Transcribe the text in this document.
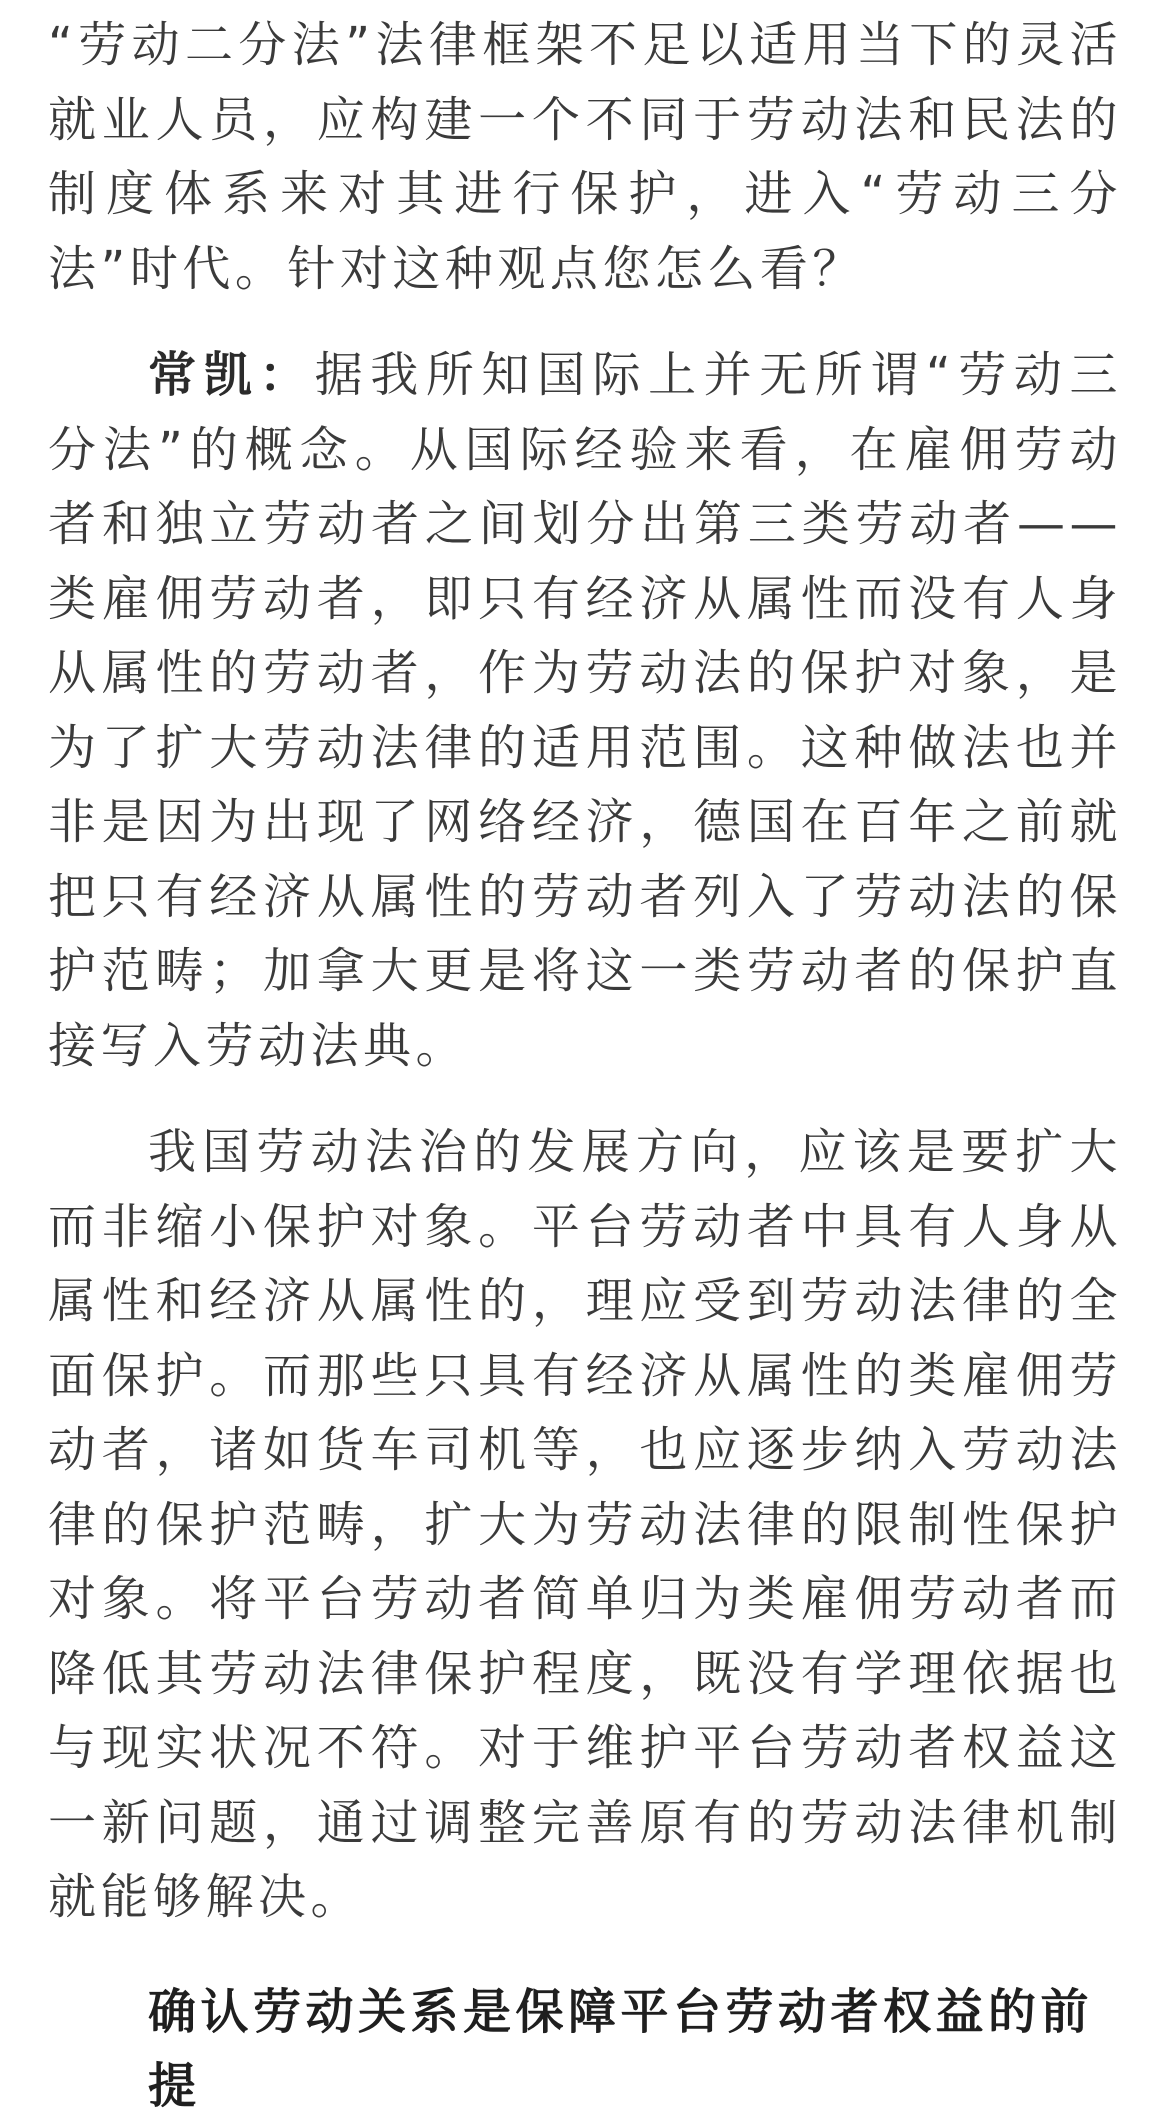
“劳动二分法”法律框架不足以适用当下的灵活就业人员，应构建一个不同于劳动法和民法的制度体系来对其进行保护，进入“劳动三分法”时代。针对这种观点您怎么看？

常凯：据我所知国际上并无所谓“劳动三分法”的概念。从国际经验来看，在雇佣劳动者和独立劳动者之间划分出第三类劳动者——类雇佣劳动者，即只有经济从属性而没有人身从属性的劳动者，作为劳动法的保护对象，是为了扩大劳动法律的适用范围。这种做法也并非是因为出现了网络经济，德国在百年之前就把只有经济从属性的劳动者列入了劳动法的保护范畴；加拿大更是将这一类劳动者的保护直接写入劳动法典。

我国劳动法治的发展方向，应该是要扩大而非缩小保护对象。平台劳动者中具有人身从属性和经济从属性的，理应受到劳动法律的全面保护。而那些只具有经济从属性的类雇佣劳动者，诸如货车司机等，也应逐步纳入劳动法律的保护范畴，扩大为劳动法律的限制性保护对象。将平台劳动者简单归为类雇佣劳动者而降低其劳动法律保护程度，既没有学理依据也与现实状况不符。对于维护平台劳动者权益这一新问题，通过调整完善原有的劳动法律机制就能够解决。

确认劳动关系是保障平台劳动者权益的前提
